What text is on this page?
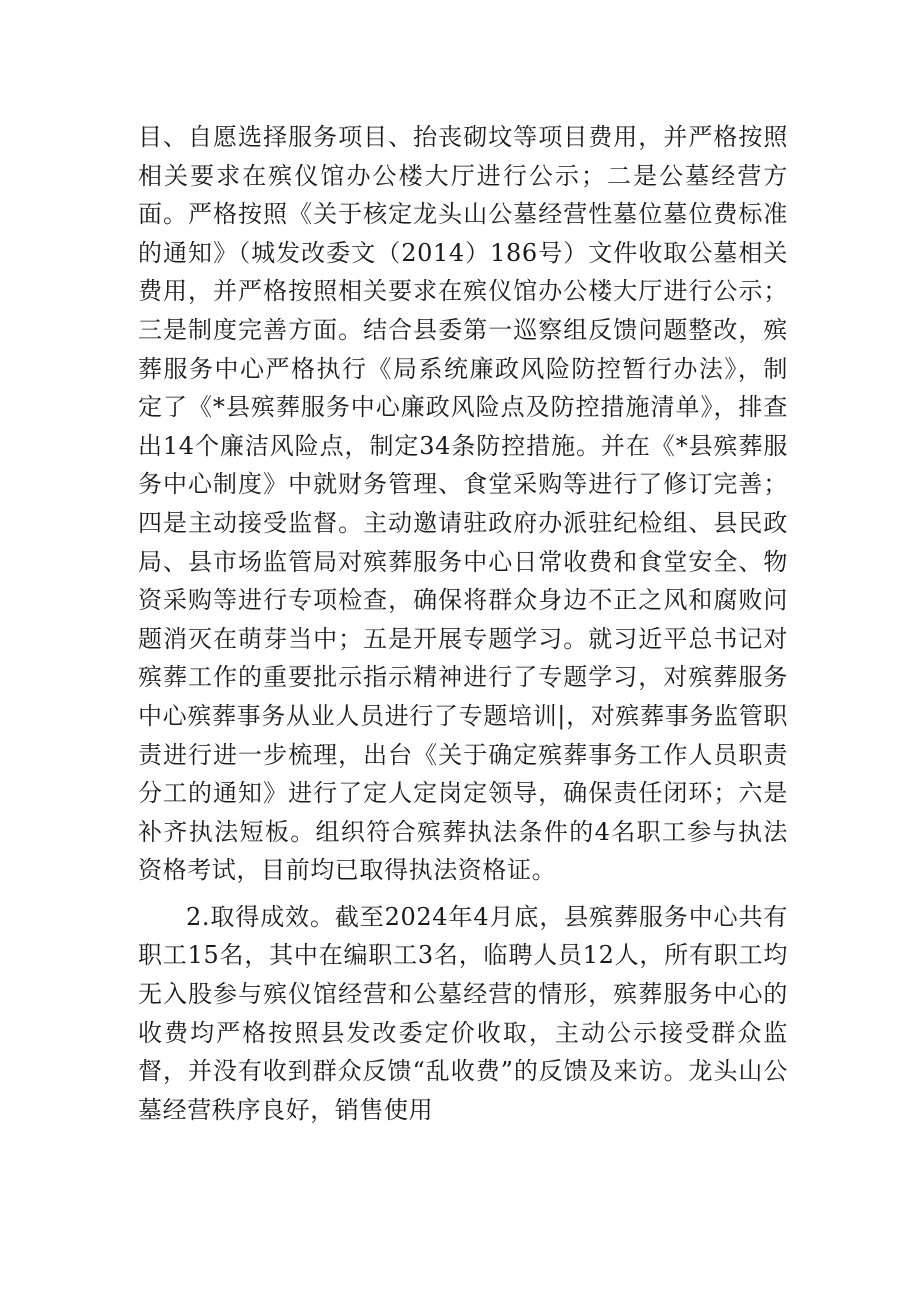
目、自愿选择服务项目、抬丧砌坟等项目费用，并严格按照相关要求在殡仪馆办公楼大厅进行公示；二是公墓经营方面。严格按照《关于核定龙头山公墓经营性墓位墓位费标准的通知》（城发改委文（2014）186号）文件收取公墓相关费用，并严格按照相关要求在殡仪馆办公楼大厅进行公示；三是制度完善方面。结合县委第一巡察组反馈问题整改，殡葬服务中心严格执行《局系统廉政风险防控暂行办法》，制定了《*县殡葬服务中心廉政风险点及防控措施清单》，排查出14个廉洁风险点，制定34条防控措施。并在《*县殡葬服务中心制度》中就财务管理、食堂采购等进行了修订完善；四是主动接受监督。主动邀请驻政府办派驻纪检组、县民政局、县市场监管局对殡葬服务中心日常收费和食堂安全、物资采购等进行专项检查，确保将群众身边不正之风和腐败问题消灭在萌芽当中；五是开展专题学习。就习近平总书记对殡葬工作的重要批示指示精神进行了专题学习，对殡葬服务中心殡葬事务从业人员进行了专题培训|，对殡葬事务监管职责进行进一步梳理，出台《关于确定殡葬事务工作人员职责分工的通知》进行了定人定岗定领导，确保责任闭环；六是补齐执法短板。组织符合殡葬执法条件的4名职工参与执法资格考试，目前均已取得执法资格证。

2.取得成效。截至2024年4月底，县殡葬服务中心共有职工15名，其中在编职工3名，临聘人员12人，所有职工均无入股参与殡仪馆经营和公墓经营的情形，殡葬服务中心的收费均严格按照县发改委定价收取，主动公示接受群众监督，并没有收到群众反馈“乱收费”的反馈及来访。龙头山公墓经营秩序良好，销售使用
